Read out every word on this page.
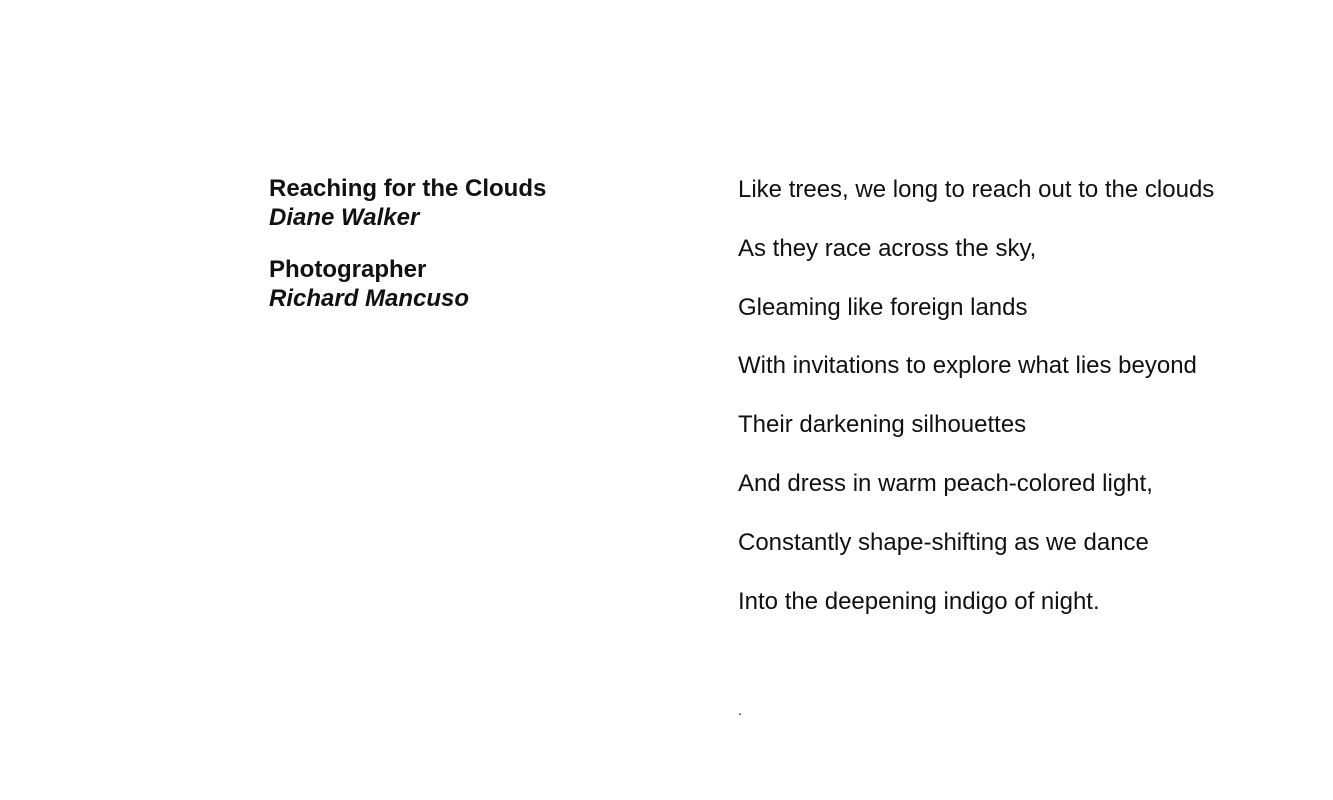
Reaching for the Clouds
Diane Walker
Photographer
Richard Mancuso
Like trees, we long to reach out to the clouds
As they race across the sky,
Gleaming like foreign lands
With invitations to explore what lies beyond
Their darkening silhouettes
And dress in warm peach-colored light,
Constantly shape-shifting as we dance
Into the deepening indigo of night.
.
